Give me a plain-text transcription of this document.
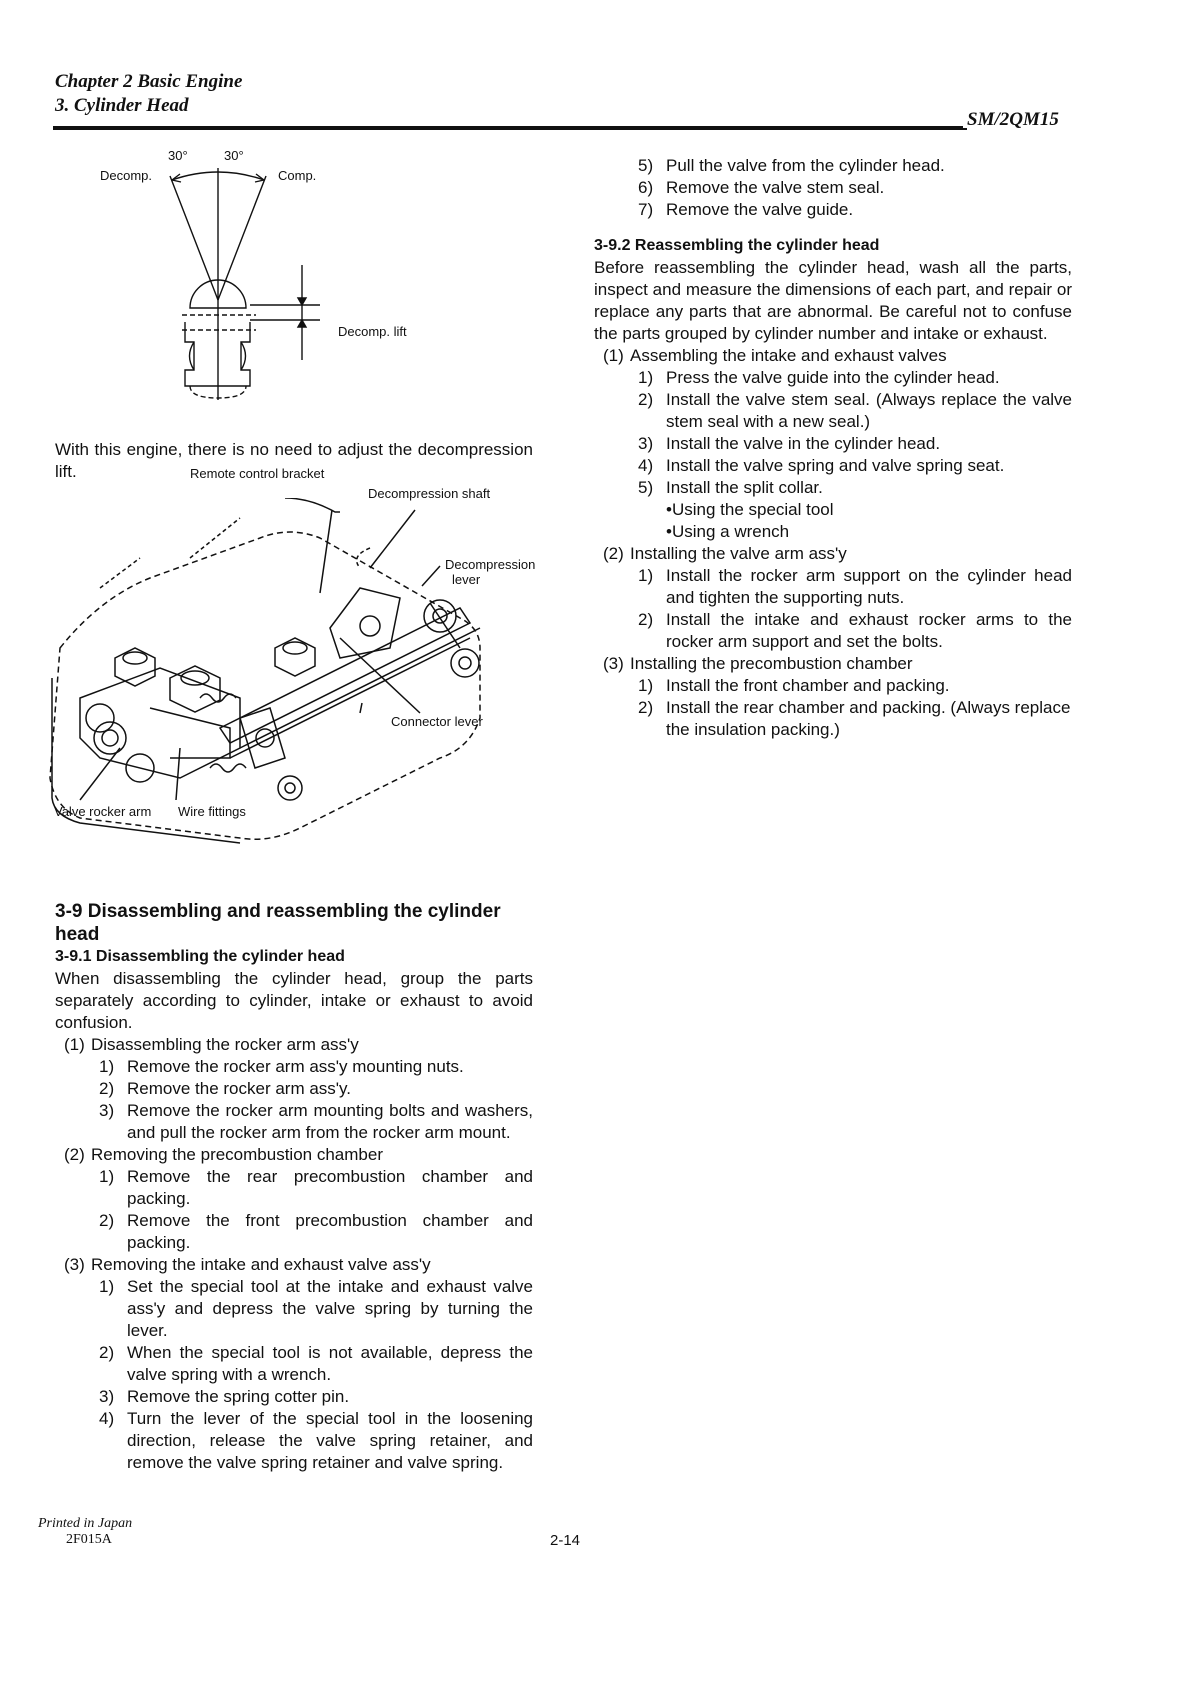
Chapter 2 Basic Engine
3. Cylinder Head
SM/2QM15
30°	30°
Decomp.	Comp.
Decomp. lift
With this engine, there is no need to adjust the decompression lift.	Remote control bracket
Decompression shaft
Decompression
lever
Connector lever
Valve rocker arm Wire fittings
3-9 Disassembling and reassembling the cylinder head
3-9.1 Disassembling the cylinder head
When disassembling the cylinder head, group the parts separately according to cylinder, intake or exhaust to avoid confusion.
(1) Disassembling the rocker arm ass'y
1) Remove the rocker arm ass'y mounting nuts.
2) Remove the rocker arm ass'y.
3) Remove the rocker arm mounting bolts and washers, and pull the rocker arm from the rocker arm mount.
(2) Removing the precombustion chamber
1) Remove the rear precombustion chamber and packing.
2) Remove the front precombustion chamber and packing.
(3) Removing the intake and exhaust valve ass'y
1) Set the special tool at the intake and exhaust valve ass'y and depress the valve spring by turning the lever.
2) When the special tool is not available, depress the valve spring with a wrench.
3) Remove the spring cotter pin.
4) Turn the lever of the special tool in the loosening direction, release the valve spring retainer, and remove the valve spring retainer and valve spring.
5) Pull the valve from the cylinder head.
6) Remove the valve stem seal.
7) Remove the valve guide.
3-9.2 Reassembling the cylinder head
Before reassembling the cylinder head, wash all the parts, inspect and measure the dimensions of each part, and repair or replace any parts that are abnormal. Be careful not to confuse the parts grouped by cylinder number and intake or exhaust.
(1) Assembling the intake and exhaust valves
1) Press the valve guide into the cylinder head.
2) Install the valve stem seal. (Always replace the valve stem seal with a new seal.)
3) Install the valve in the cylinder head.
4) Install the valve spring and valve spring seat.
5) Install the split collar.
•Using the special tool
•Using a wrench
(2) Installing the valve arm ass'y
1) Install the rocker arm support on the cylinder head and tighten the supporting nuts.
2) Install the intake and exhaust rocker arms to the rocker arm support and set the bolts.
(3) Installing the precombustion chamber
1) Install the front chamber and packing.
2) Install the rear chamber and packing. (Always replace the insulation packing.)
Printed in Japan
2F015A	2-14
